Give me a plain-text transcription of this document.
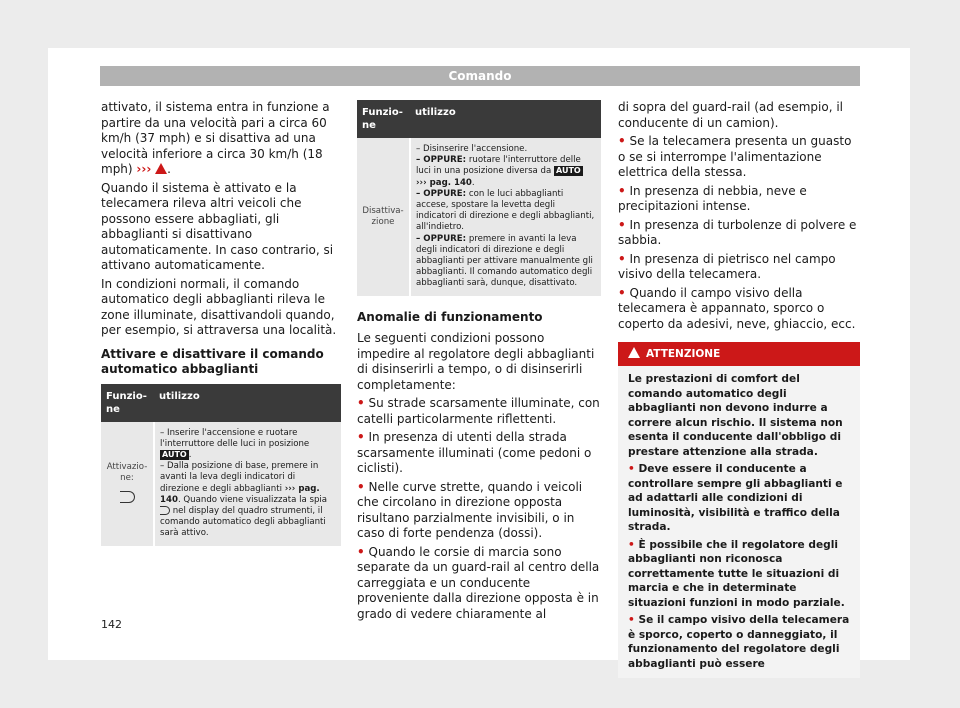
Comando

attivato, il sistema entra in funzione a partire da una velocità pari a circa 60 km/h (37 mph) e si disattiva ad una velocità inferiore a circa 30 km/h (18 mph) ››› .

Quando il sistema è attivato e la telecamera rileva altri veicoli che possono essere abbagliati, gli abbaglianti si disattivano automaticamente. In caso contrario, si attivano automaticamente.

In condizioni normali, il comando automatico degli abbaglianti rileva le zone illuminate, disattivandoli quando, per esempio, si attraversa una località.

Attivare e disattivare il comando automatico abbaglianti
Funzio-ne	utilizzo

Attivazio-ne:	– Inserire l'accensione e ruotare l'interruttore delle luci in posizione AUTO .
– Dalla posizione di base, premere in avanti la leva degli indicatori di direzione e degli abbaglianti ››› pag. 140. Quando viene visualizzata la spia  nel display del quadro strumenti, il comando automatico degli abbaglianti sarà attivo.
Funzio-ne	utilizzo
Disattiva-zione	– Disinserire l'accensione.
– OPPURE: ruotare l'interruttore delle luci in una posizione diversa da AUTO
››› pag. 140.
– OPPURE: con le luci abbaglianti accese, spostare la levetta degli indicatori di direzione e degli abbaglianti, all'indietro.
– OPPURE: premere in avanti la leva degli indicatori di direzione e degli abbaglianti per attivare manualmente gli abbaglianti. Il comando automatico degli abbaglianti sarà, dunque, disattivato.
Anomalie di funzionamento

Le seguenti condizioni possono impedire al regolatore degli abbaglianti di disinserirli a tempo, o di disinserirli completamente:

• Su strade scarsamente illuminate, con catelli particolarmente riflettenti.

• In presenza di utenti della strada scarsamente illuminati (come pedoni o ciclisti).

• Nelle curve strette, quando i veicoli che circolano in direzione opposta risultano parzialmente invisibili, o in caso di forte pendenza (dossi).

• Quando le corsie di marcia sono separate da un guard-rail al centro della carreggiata e un conducente proveniente dalla direzione opposta è in grado di vedere chiaramente al

di sopra del guard-rail (ad esempio, il conducente di un camion).

• Se la telecamera presenta un guasto o se si interrompe l'alimentazione elettrica della stessa.

• In presenza di nebbia, neve e precipitazioni intense.

• In presenza di turbolenze di polvere e sabbia.

• In presenza di pietrisco nel campo visivo della telecamera.

• Quando il campo visivo della telecamera è appannato, sporco o coperto da adesivi, neve, ghiaccio, ecc.

ATTENZIONE

Le prestazioni di comfort del comando automatico degli abbaglianti non devono indurre a correre alcun rischio. Il sistema non esenta il conducente dall'obbligo di prestare attenzione alla strada.

• Deve essere il conducente a controllare sempre gli abbaglianti e ad adattarli alle condizioni di luminosità, visibilità e traffico della strada.

• È possibile che il regolatore degli abbaglianti non riconosca correttamente tutte le situazioni di marcia e che in determinate situazioni funzioni in modo parziale.

• Se il campo visivo della telecamera è sporco, coperto o danneggiato, il funzionamento del regolatore degli abbaglianti può essere

142
